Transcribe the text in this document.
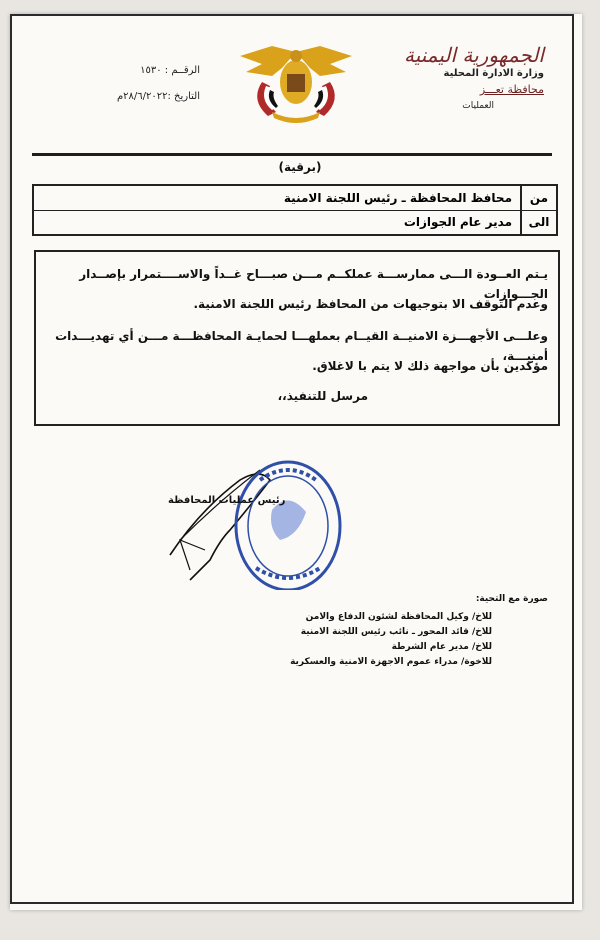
الجمهورية اليمنية
وزارة الادارة المحلية
محافظة تعـــز
العمليات
الرقــم : ١٥٣٠
التاريخ :٢٨/٦/٢٠٢٢م
(برقية)
من
محافظ المحافظة ـ رئيس اللجنة الامنية
الى
مدير عام الجوازات
يـتم العــودة الـــى ممارســـة عملكــم مـــن صبـــاح غــداً والاســــتمرار بإصــدار الجـــوازات
وعدم التوقف الا بتوجيهات من المحافظ رئيس اللجنة الامنية.
وعلـــى الأجهـــزة الامنيــة القيــام بعملهـــا لحمايـة المحافظـــة مـــن أي تهديـــدات أمنيـــة،
مؤكدين بأن مواجهة ذلك لا يتم با لاغلاق.
مرسل للتنفيذ،،
رئيس عمليات المحافظة
صورة مع التحية:
للاخ/ وكيل المحافظة لشئون الدفاع والامن
للاخ/ قائد المحور ـ نائب رئيس اللجنة الامنية
للاخ/ مدير عام الشرطة
للاخوة/ مدراء عموم الاجهزة الامنية والعسكرية
